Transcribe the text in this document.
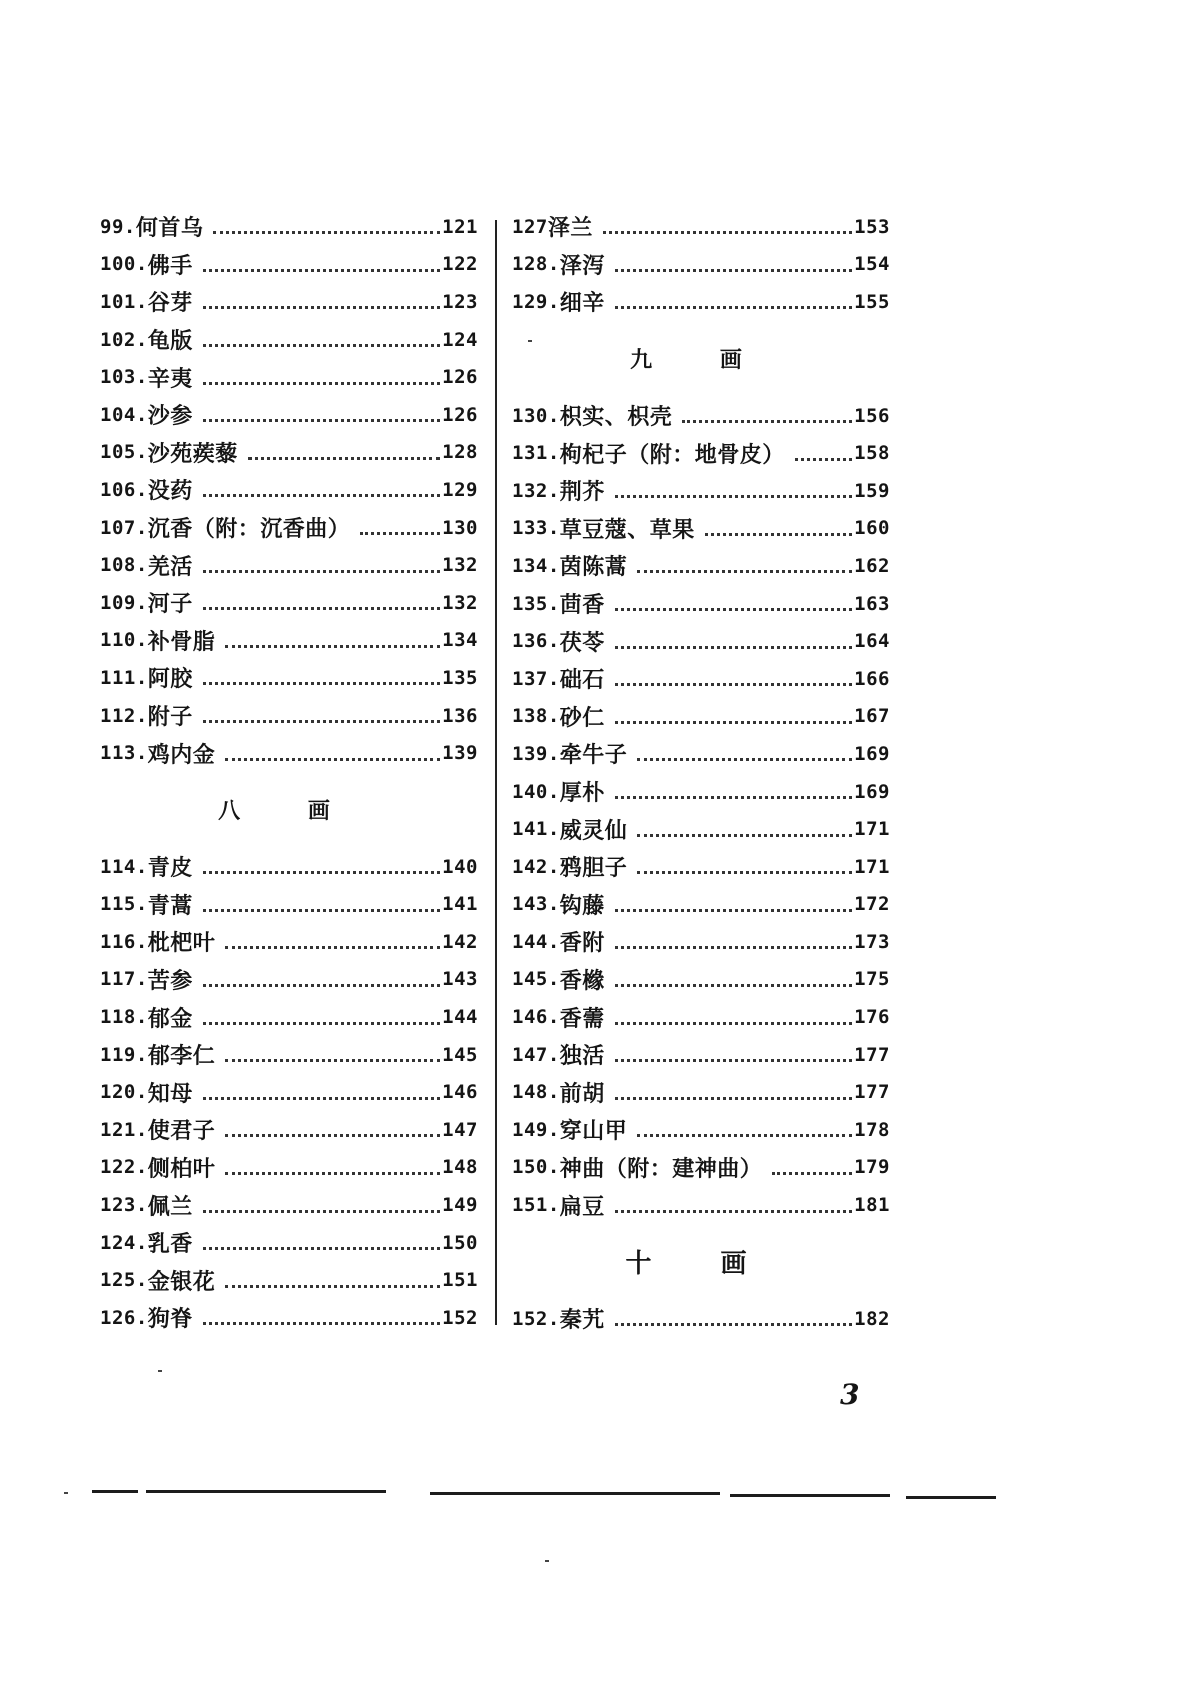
99. 何首乌	121
100. 佛手	122
101. 谷芽	123
102. 龟版	124
103. 辛夷	126
104. 沙参	126
105. 沙苑蒺藜	128
106. 没药	129
107. 沉香（附：沉香曲）	130
108. 羌活	132
109. 河子	132
110. 补骨脂	134
111. 阿胶	135
112. 附子	136
113. 鸡内金	139
八 画
114. 青皮	140
115. 青蒿	141
116. 枇杷叶	142
117. 苦参	143
118. 郁金	144
119. 郁李仁	145
120. 知母	146
121. 使君子	147
122. 侧柏叶	148
123. 佩兰	149
124. 乳香	150
125. 金银花	151
126. 狗脊	152
127 泽兰	153
128. 泽泻	154
129. 细辛	155
九 画
130. 枳实、枳壳	156
131. 枸杞子（附：地骨皮）	158
132. 荆芥	159
133. 草豆蔻、草果	160
134. 茵陈蒿	162
135. 茴香	163
136. 茯苓	164
137. 础石	166
138. 砂仁	167
139. 牵牛子	169
140. 厚朴	169
141. 威灵仙	171
142. 鸦胆子	171
143. 钩藤	172
144. 香附	173
145. 香橼	175
146. 香薷	176
147. 独活	177
148. 前胡	177
149. 穿山甲	178
150. 神曲（附：建神曲）	179
151. 扁豆	181
十 画
152. 秦艽	182
3
